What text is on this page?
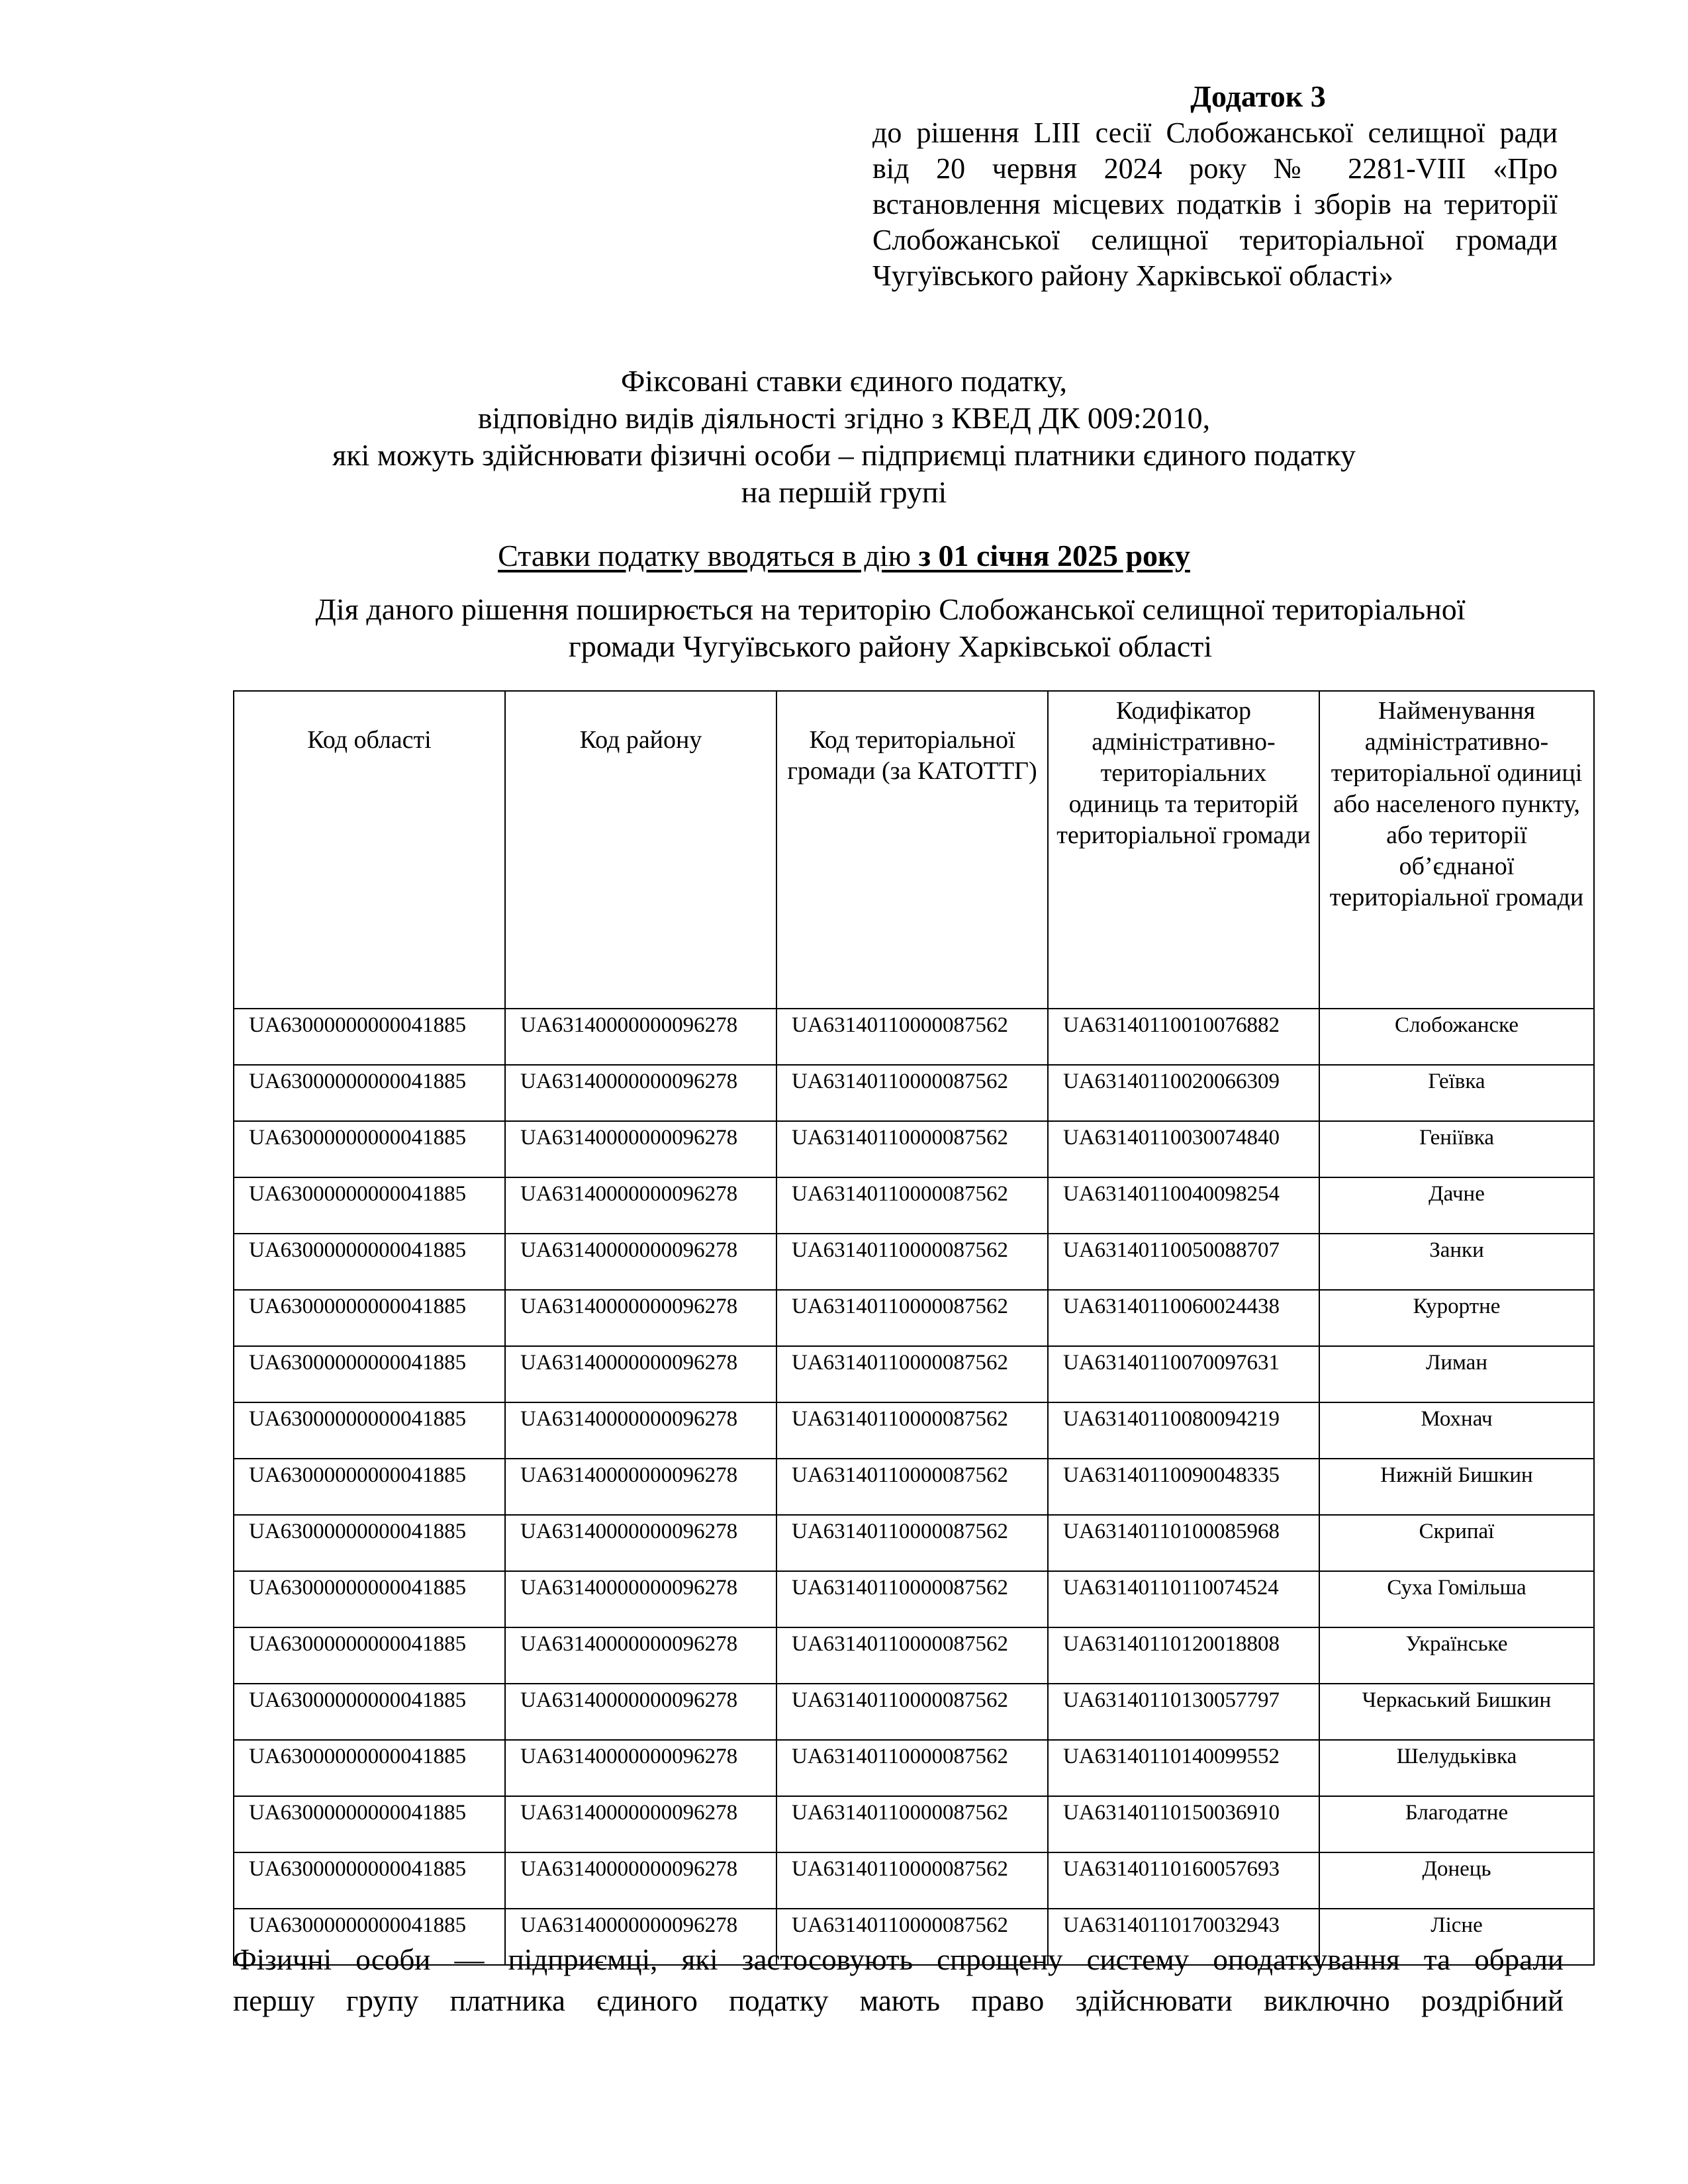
Додаток 3
до рішення LIII сесії Слобожанської селищної ради
від 20 червня 2024 року № 2281-VIII «Про
встановлення місцевих податків і зборів на території
Слобожанської селищної територіальної громади
Чугуївського району Харківської області»
Фіксовані ставки єдиного податку,
відповідно видів діяльності згідно з КВЕД ДК 009:2010,
які можуть здійснювати фізичні особи – підприємці платники єдиного податку
на першій групі
Ставки податку вводяться в дію з 01 січня 2025 року
Дія даного рішення поширюється на територію Слобожанської селищної територіальної
громади Чугуївського району Харківської області
Код області	Код району	Код територіальної громади (за КАТОТТГ)	Кодифікатор адміністративно-територіальних одиниць та територій територіальної громади	Найменування адміністративно-територіальної одиниці або населеного пункту, або території об’єднаної територіальної громади
UA63000000000041885	UA63140000000096278	UA63140110000087562	UA63140110010076882	Слобожанске
UA63000000000041885	UA63140000000096278	UA63140110000087562	UA63140110020066309	Геївка
UA63000000000041885	UA63140000000096278	UA63140110000087562	UA63140110030074840	Геніївка
UA63000000000041885	UA63140000000096278	UA63140110000087562	UA63140110040098254	Дачне
UA63000000000041885	UA63140000000096278	UA63140110000087562	UA63140110050088707	Занки
UA63000000000041885	UA63140000000096278	UA63140110000087562	UA63140110060024438	Курортне
UA63000000000041885	UA63140000000096278	UA63140110000087562	UA63140110070097631	Лиман
UA63000000000041885	UA63140000000096278	UA63140110000087562	UA63140110080094219	Мохнач
UA63000000000041885	UA63140000000096278	UA63140110000087562	UA63140110090048335	Нижній Бишкин
UA63000000000041885	UA63140000000096278	UA63140110000087562	UA63140110100085968	Скрипаї
UA63000000000041885	UA63140000000096278	UA63140110000087562	UA63140110110074524	Суха Гомільша
UA63000000000041885	UA63140000000096278	UA63140110000087562	UA63140110120018808	Українське
UA63000000000041885	UA63140000000096278	UA63140110000087562	UA63140110130057797	Черкаський Бишкин
UA63000000000041885	UA63140000000096278	UA63140110000087562	UA63140110140099552	Шелудьківка
UA63000000000041885	UA63140000000096278	UA63140110000087562	UA63140110150036910	Благодатне
UA63000000000041885	UA63140000000096278	UA63140110000087562	UA63140110160057693	Донець
UA63000000000041885	UA63140000000096278	UA63140110000087562	UA63140110170032943	Лісне
Фізичні особи — підприємці, які застосовують спрощену систему оподаткування та обрали
першу групу платника єдиного податку мають право здійснювати виключно роздрібний
